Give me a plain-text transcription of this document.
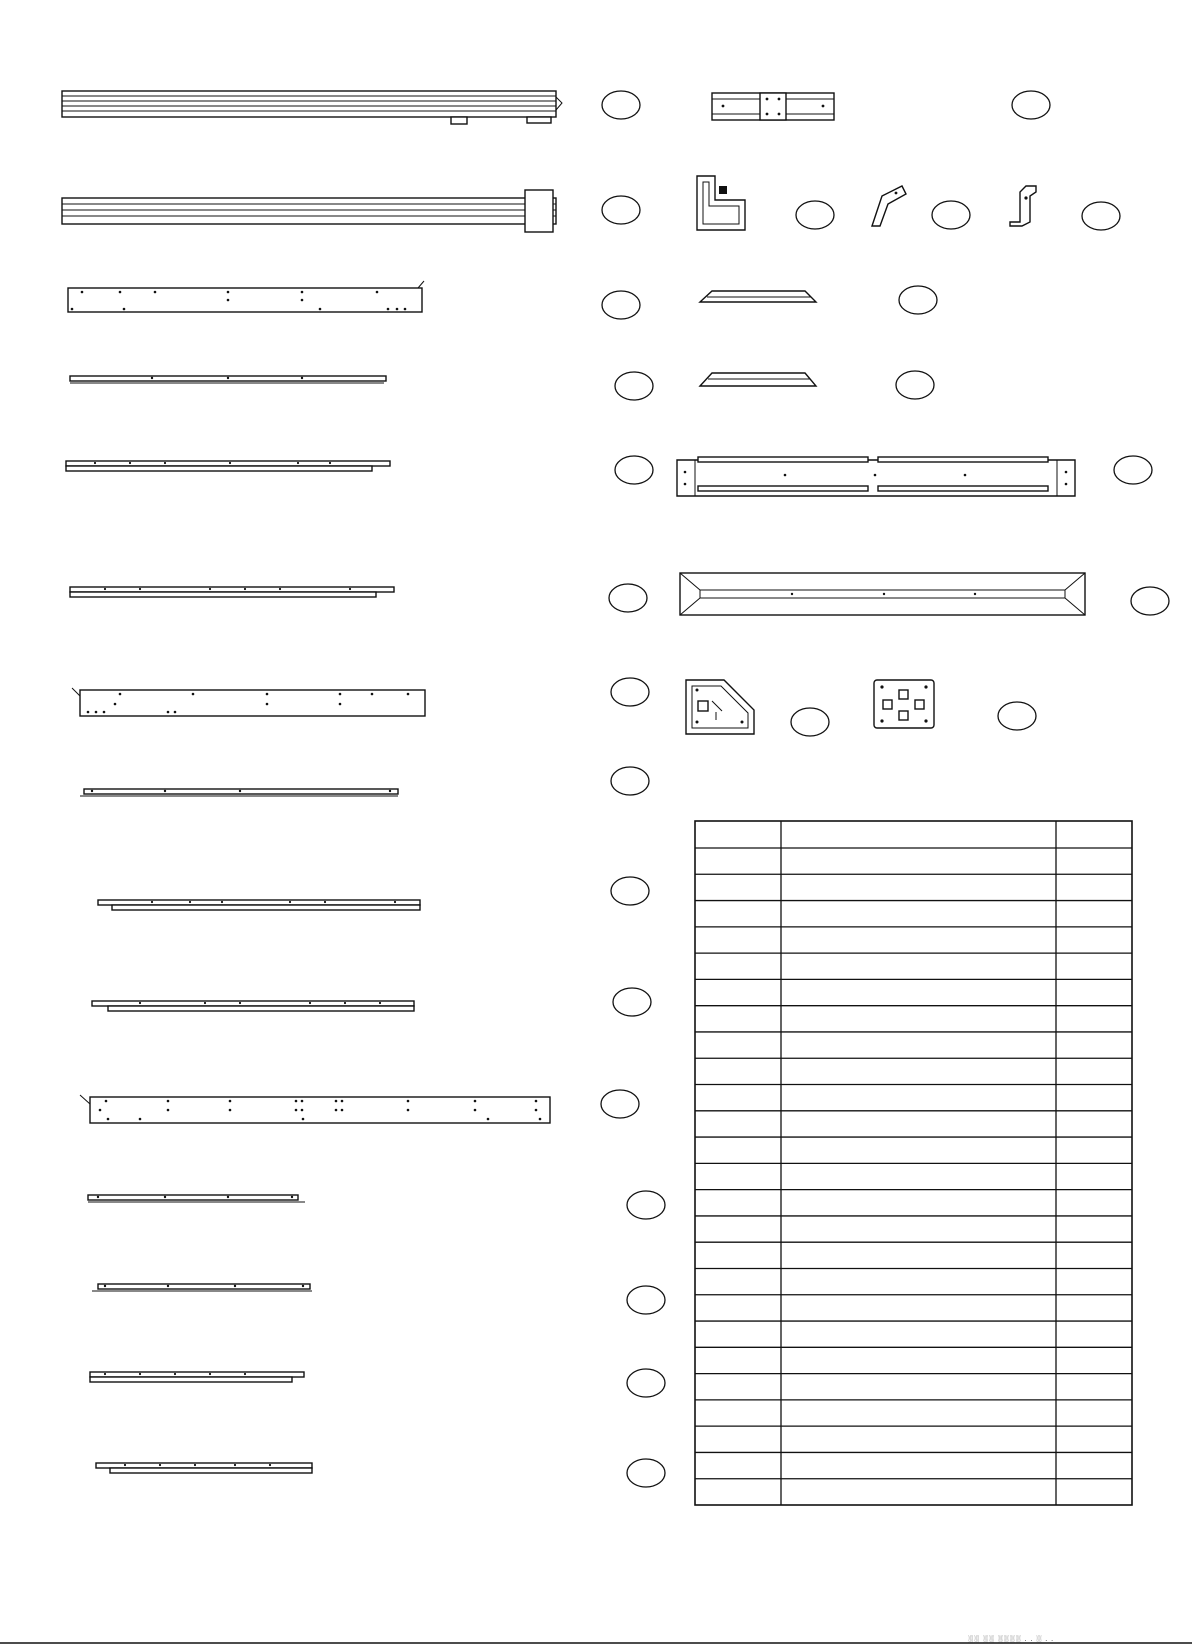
░░ ░░ ░░░░ . . ░ . .
